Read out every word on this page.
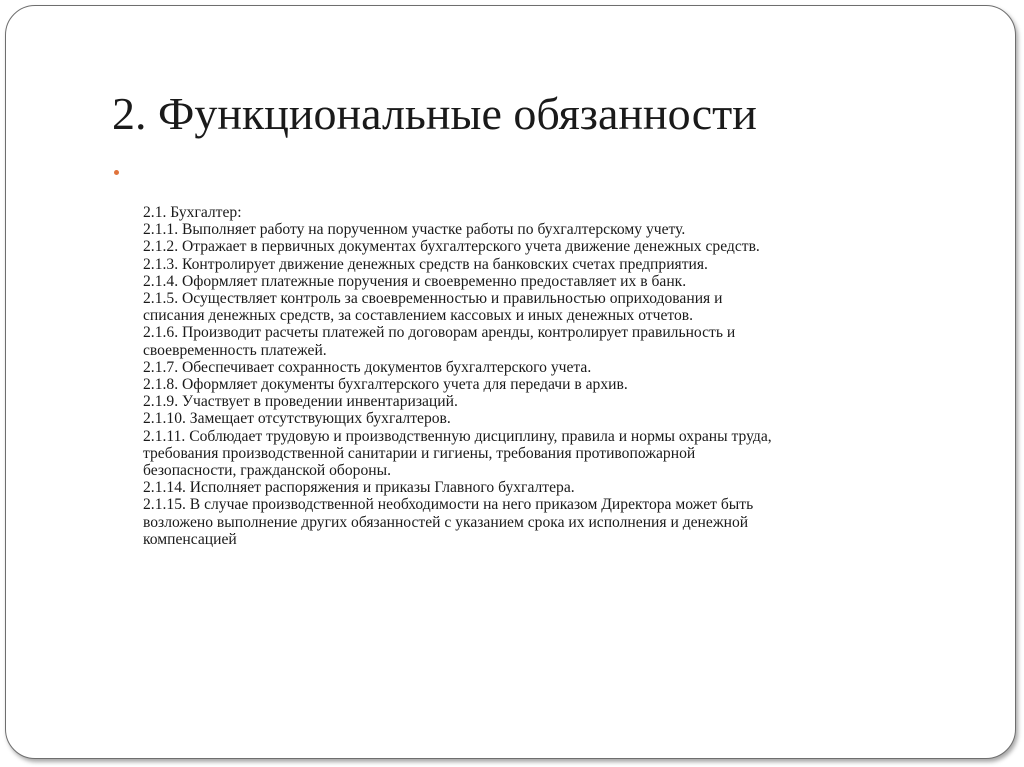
2. Функциональные обязанности
2.1. Бухгалтер:
2.1.1. Выполняет работу на порученном участке работы по бухгалтерскому учету.
2.1.2. Отражает в первичных документах бухгалтерского учета движение денежных средств.
2.1.3. Контролирует движение денежных средств на банковских счетах предприятия.
2.1.4. Оформляет платежные поручения и своевременно предоставляет их в банк.
2.1.5. Осуществляет контроль за своевременностью и правильностью оприходования и
списания денежных средств, за составлением кассовых и иных денежных отчетов.
2.1.6. Производит расчеты платежей по договорам аренды, контролирует правильность и
своевременность платежей.
2.1.7. Обеспечивает сохранность документов бухгалтерского учета.
2.1.8. Оформляет документы бухгалтерского учета для передачи в архив.
2.1.9. Участвует в проведении инвентаризаций.
2.1.10. Замещает отсутствующих бухгалтеров.
2.1.11. Соблюдает трудовую и производственную дисциплину, правила и нормы охраны труда,
требования производственной санитарии и гигиены, требования противопожарной
безопасности, гражданской обороны.
2.1.14. Исполняет распоряжения и приказы Главного бухгалтера.
2.1.15. В случае производственной необходимости на него приказом Директора может быть
возложено выполнение других обязанностей с указанием срока их исполнения и денежной
компенсацией
